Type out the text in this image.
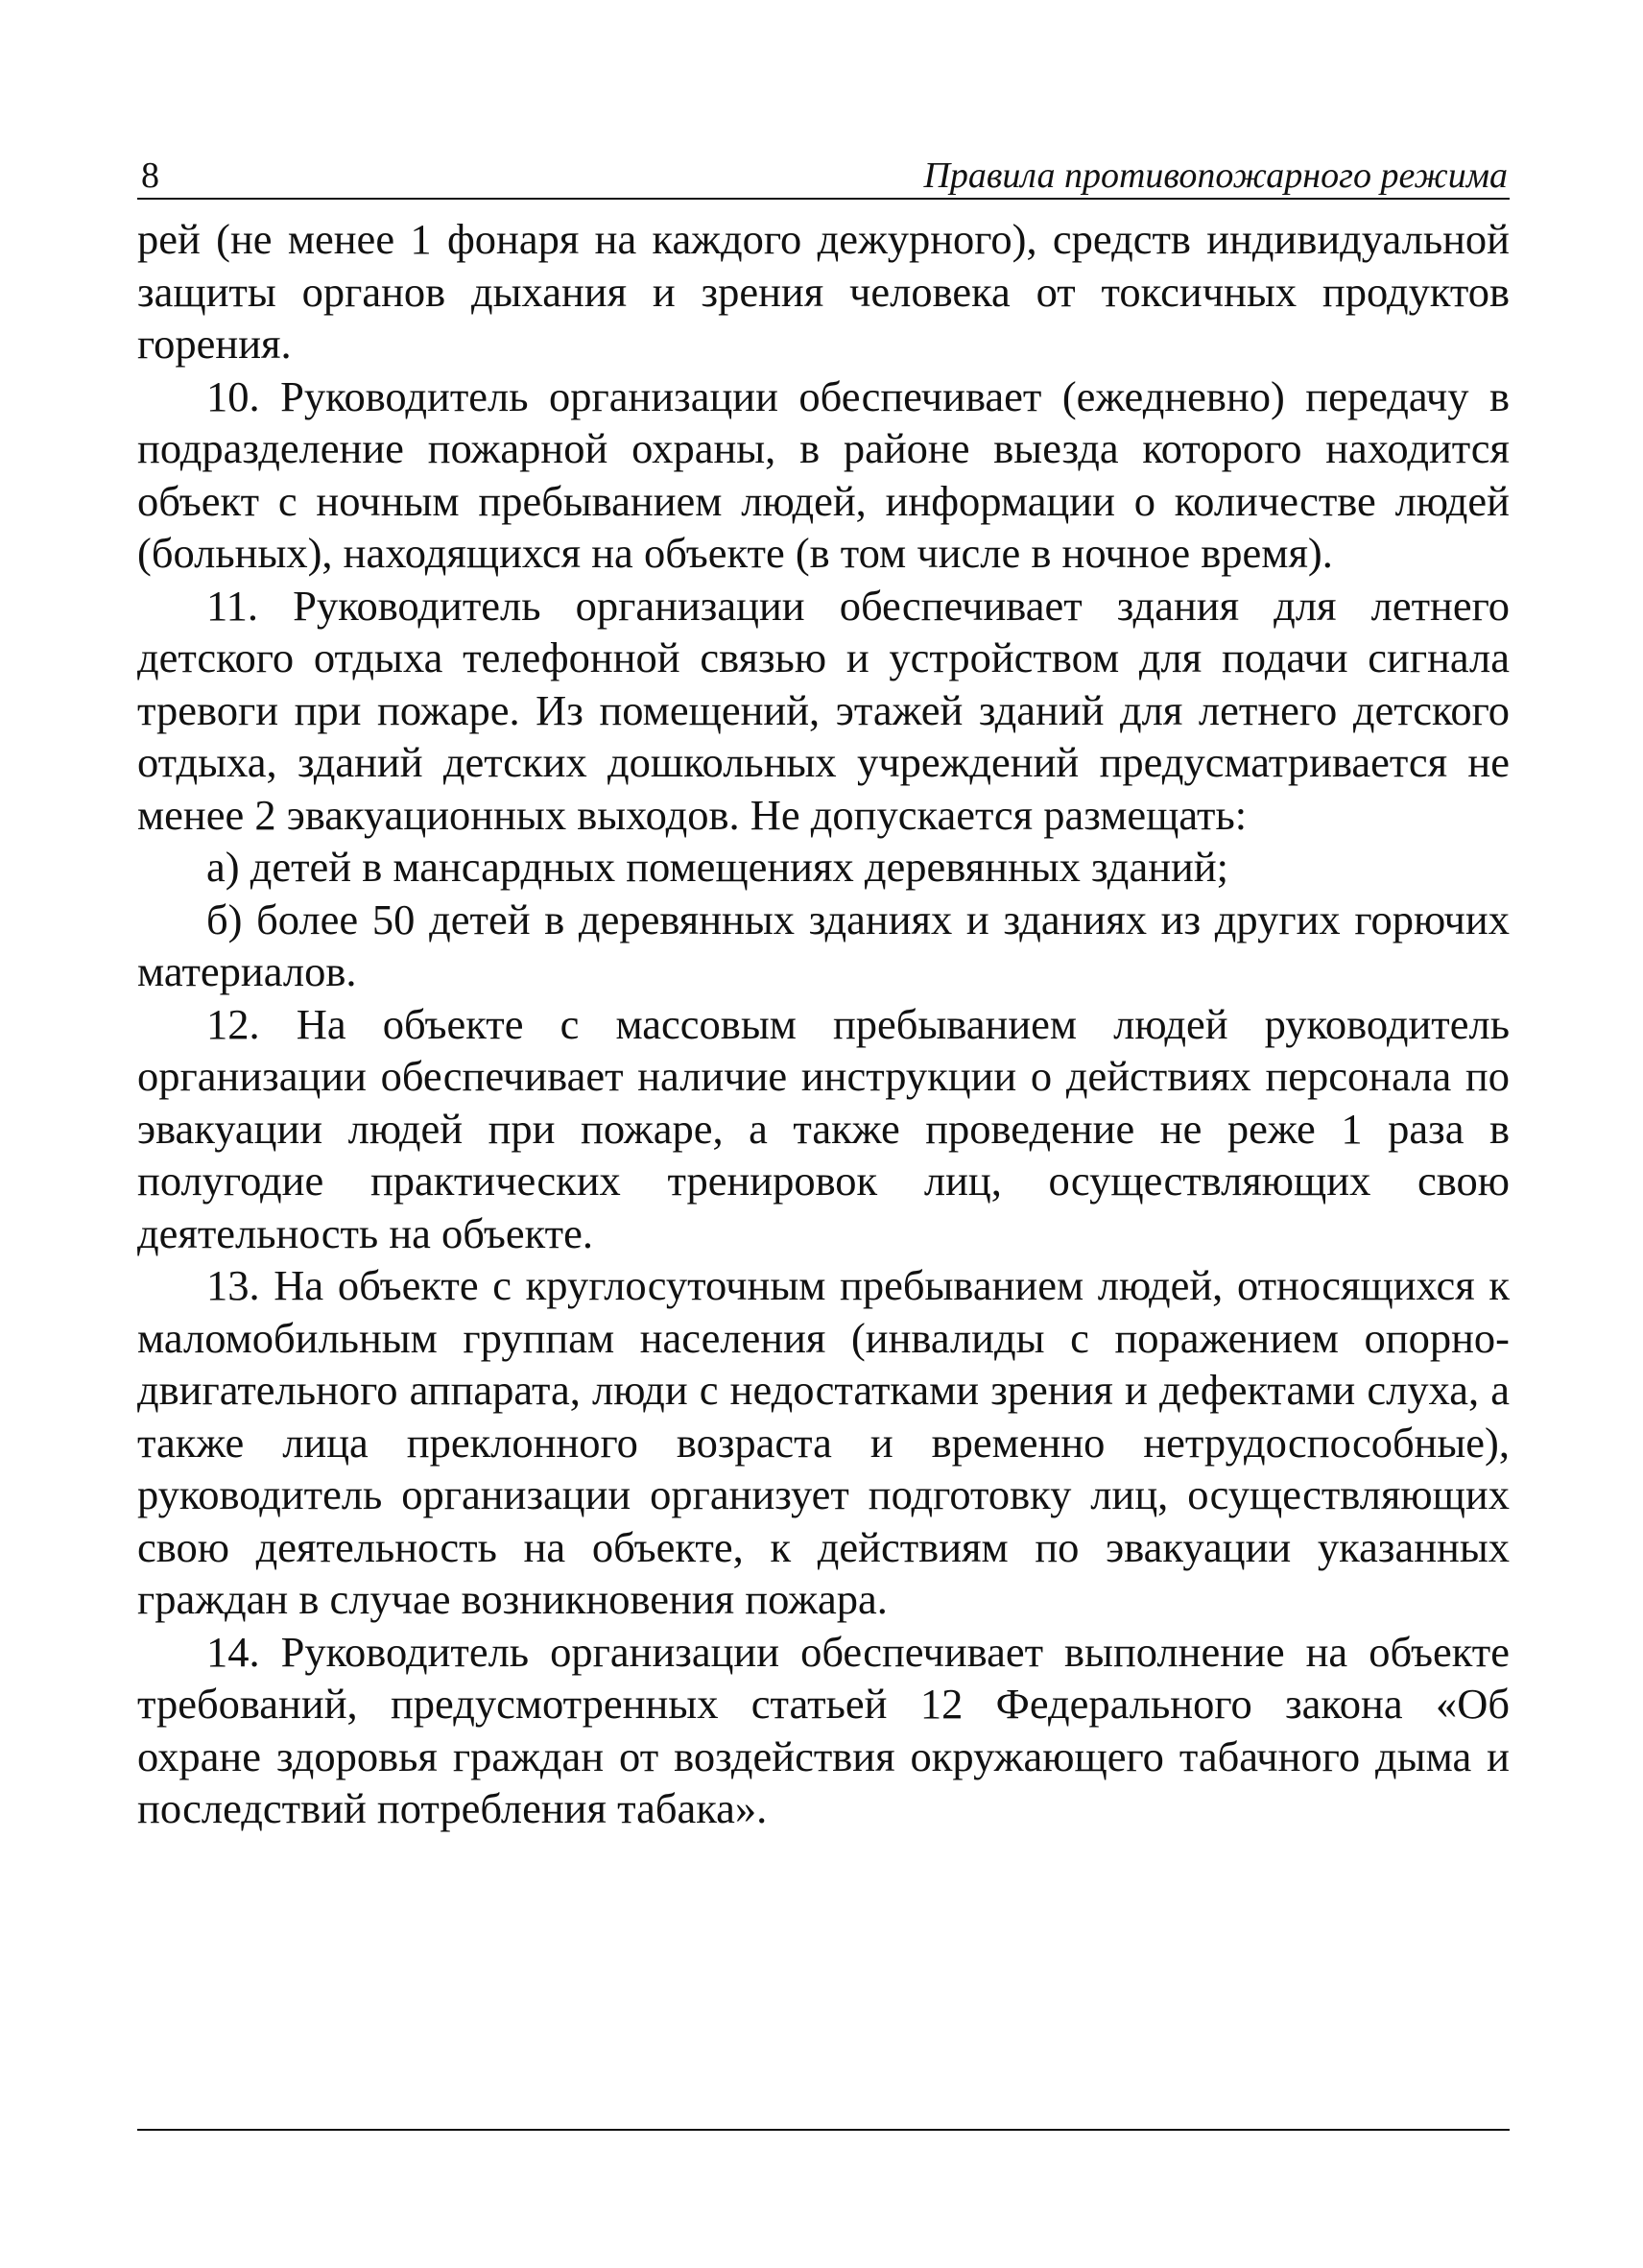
8	Правила противопожарного режима

рей (не менее 1 фонаря на каждого дежурного), средств индивидуальной защиты органов дыхания и зрения человека от токсичных продуктов горения.

10. Руководитель организации обеспечивает (ежедневно) передачу в подразделение пожарной охраны, в районе выезда которого находится объект с ночным пребыванием людей, информации о количестве людей (больных), находящихся на объекте (в том числе в ночное время).

11. Руководитель организации обеспечивает здания для летнего детского отдыха телефонной связью и устройством для подачи сигнала тревоги при пожаре. Из помещений, этажей зданий для летнего детского отдыха, зданий детских дошкольных учреждений предусматривается не менее 2 эвакуационных выходов. Не допускается размещать:

а) детей в мансардных помещениях деревянных зданий;

б) более 50 детей в деревянных зданиях и зданиях из других горючих материалов.

12. На объекте с массовым пребыванием людей руководитель организации обеспечивает наличие инструкции о действиях персонала по эвакуации людей при пожаре, а также проведение не реже 1 раза в полугодие практических тренировок лиц, осуществляющих свою деятельность на объекте.

13. На объекте с круглосуточным пребыванием людей, относящихся к маломобильным группам населения (инвалиды с поражением опорно-двигательного аппарата, люди с недостатками зрения и дефектами слуха, а также лица преклонного возраста и временно нетрудоспособные), руководитель организации организует подготовку лиц, осуществляющих свою деятельность на объекте, к действиям по эвакуации указанных граждан в случае возникновения пожара.

14. Руководитель организации обеспечивает выполнение на объекте требований, предусмотренных статьей 12 Федерального закона «Об охране здоровья граждан от воздействия окружающего табачного дыма и последствий потребления табака».
